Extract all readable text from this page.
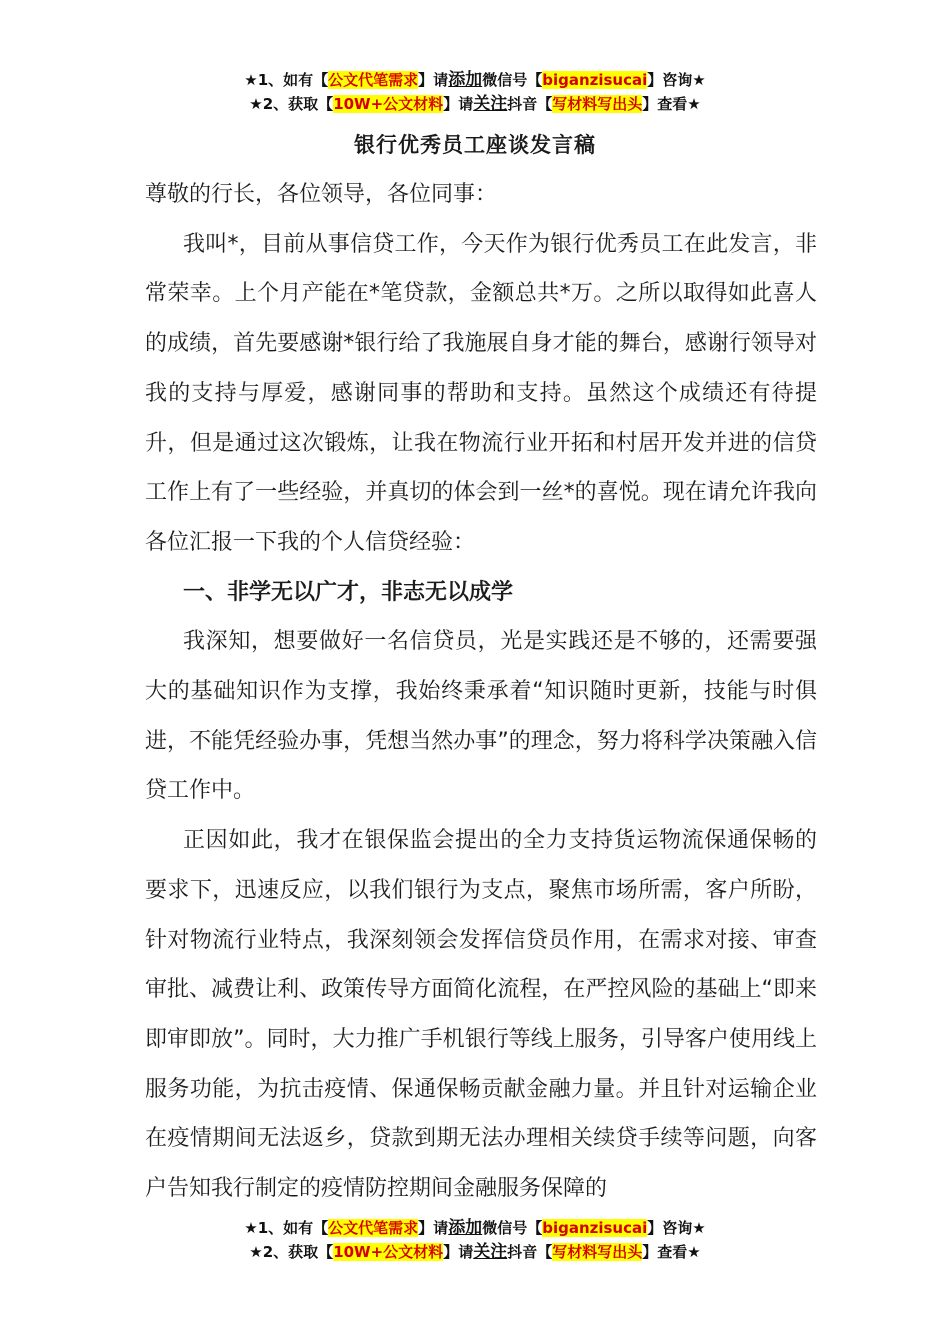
★1、如有【公文代笔需求】请添加微信号【biganzisucai】咨询★
★2、获取【10W+公文材料】请关注抖音【写材料写出头】查看★
银行优秀员工座谈发言稿

尊敬的行长，各位领导，各位同事：

我叫*，目前从事信贷工作，今天作为银行优秀员工在此发言，非常荣幸。上个月产能在*笔贷款，金额总共*万。之所以取得如此喜人的成绩，首先要感谢*银行给了我施展自身才能的舞台，感谢行领导对我的支持与厚爱，感谢同事的帮助和支持。虽然这个成绩还有待提升，但是通过这次锻炼，让我在物流行业开拓和村居开发并进的信贷工作上有了一些经验，并真切的体会到一丝*的喜悦。现在请允许我向各位汇报一下我的个人信贷经验：

一、非学无以广才，非志无以成学

我深知，想要做好一名信贷员，光是实践还是不够的，还需要强大的基础知识作为支撑，我始终秉承着“知识随时更新，技能与时俱进，不能凭经验办事，凭想当然办事”的理念，努力将科学决策融入信贷工作中。

正因如此，我才在银保监会提出的全力支持货运物流保通保畅的要求下，迅速反应，以我们银行为支点，聚焦市场所需，客户所盼，针对物流行业特点，我深刻领会发挥信贷员作用，在需求对接、审查审批、减费让利、政策传导方面简化流程，在严控风险的基础上“即来即审即放”。同时，大力推广手机银行等线上服务，引导客户使用线上服务功能，为抗击疫情、保通保畅贡献金融力量。并且针对运输企业在疫情期间无法返乡，贷款到期无法办理相关续贷手续等问题，向客户告知我行制定的疫情防控期间金融服务保障的

★1、如有【公文代笔需求】请添加微信号【biganzisucai】咨询★
★2、获取【10W+公文材料】请关注抖音【写材料写出头】查看★
